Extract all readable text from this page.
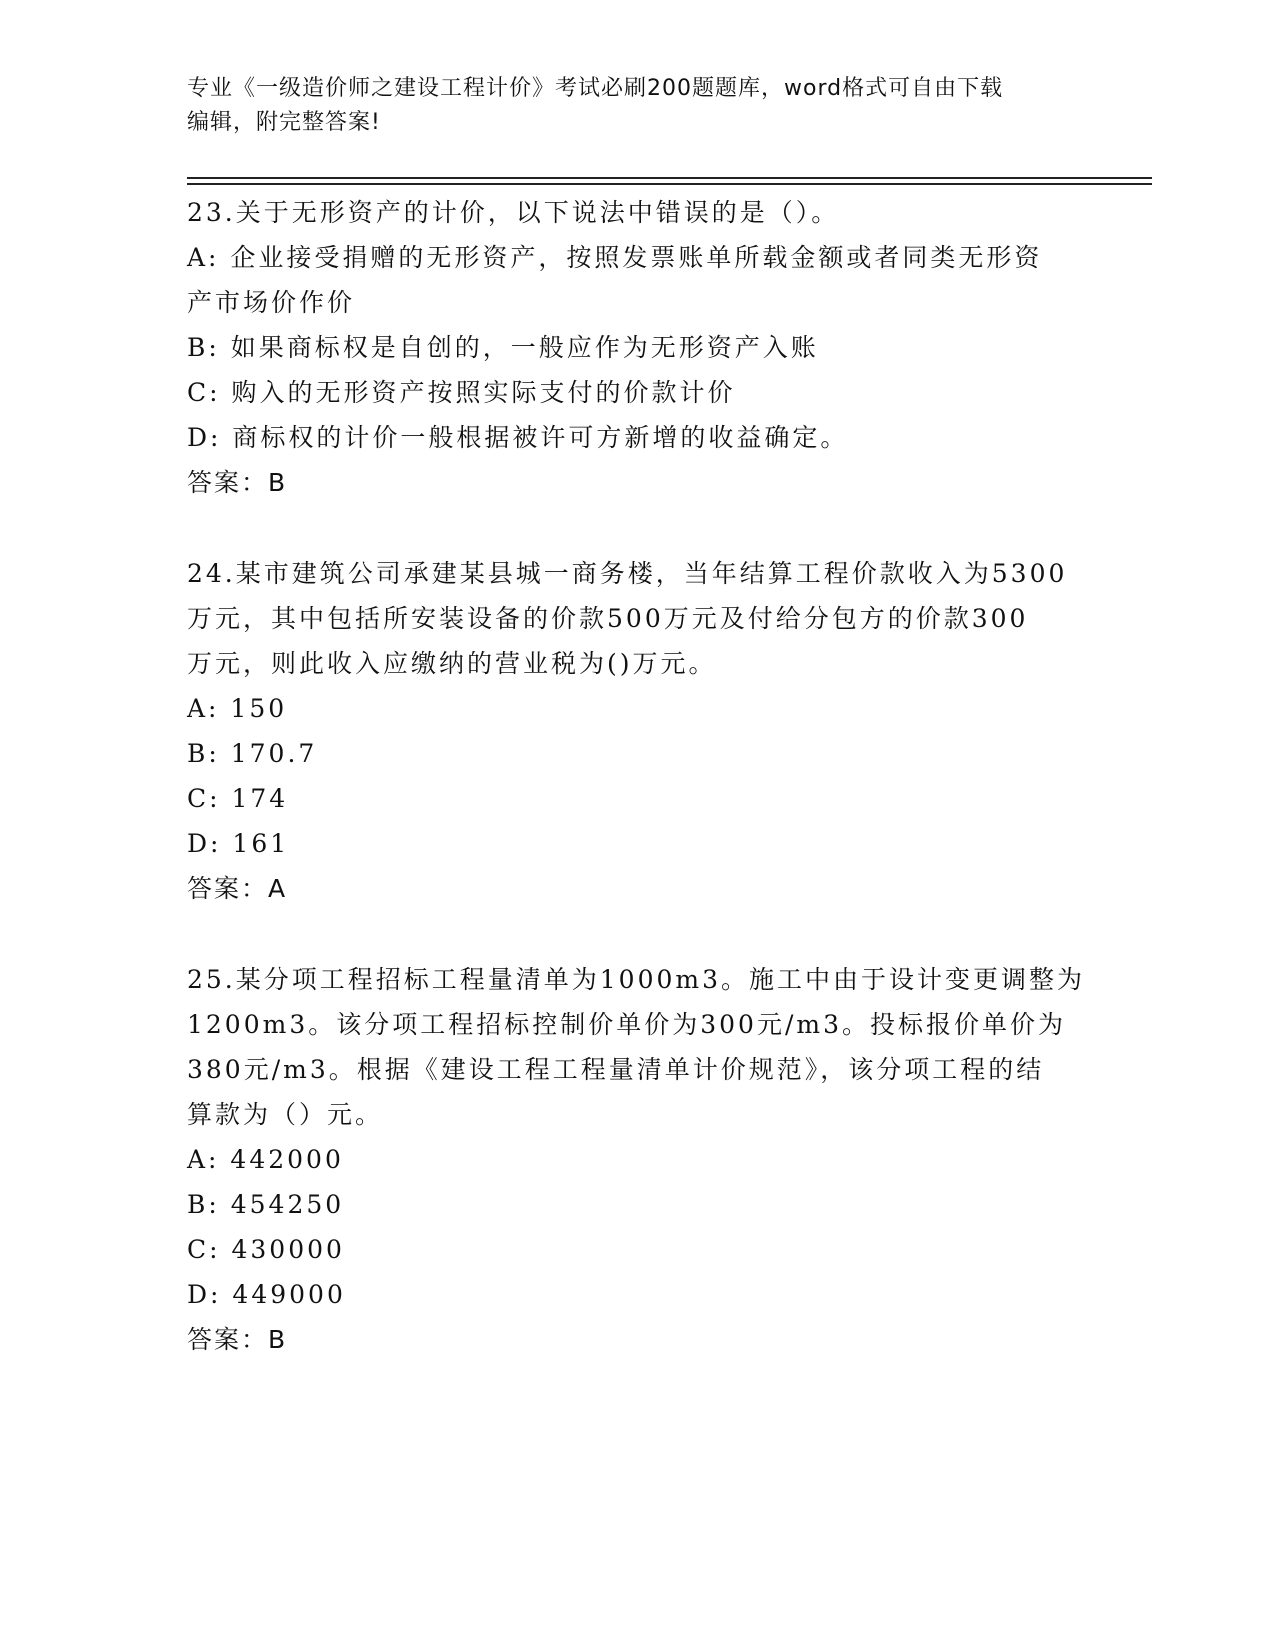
专业《一级造价师之建设工程计价》考试必刷200题题库，word格式可自由下载
编辑，附完整答案!
23.关于无形资产的计价，以下说法中错误的是（）。
A: 企业接受捐赠的无形资产，按照发票账单所载金额或者同类无形资
产市场价作价
B: 如果商标权是自创的，一般应作为无形资产入账
C: 购入的无形资产按照实际支付的价款计价
D: 商标权的计价一般根据被许可方新增的收益确定。
答案：B
24.某市建筑公司承建某县城一商务楼，当年结算工程价款收入为5300
万元，其中包括所安装设备的价款500万元及付给分包方的价款300
万元，则此收入应缴纳的营业税为()万元。
A: 150
B: 170.7
C: 174
D: 161
答案：A
25.某分项工程招标工程量清单为1000m3。施工中由于设计变更调整为
1200m3。该分项工程招标控制价单价为300元/m3。投标报价单价为
380元/m3。根据《建设工程工程量清单计价规范》，该分项工程的结
算款为（）元。
A: 442000
B: 454250
C: 430000
D: 449000
答案：B
